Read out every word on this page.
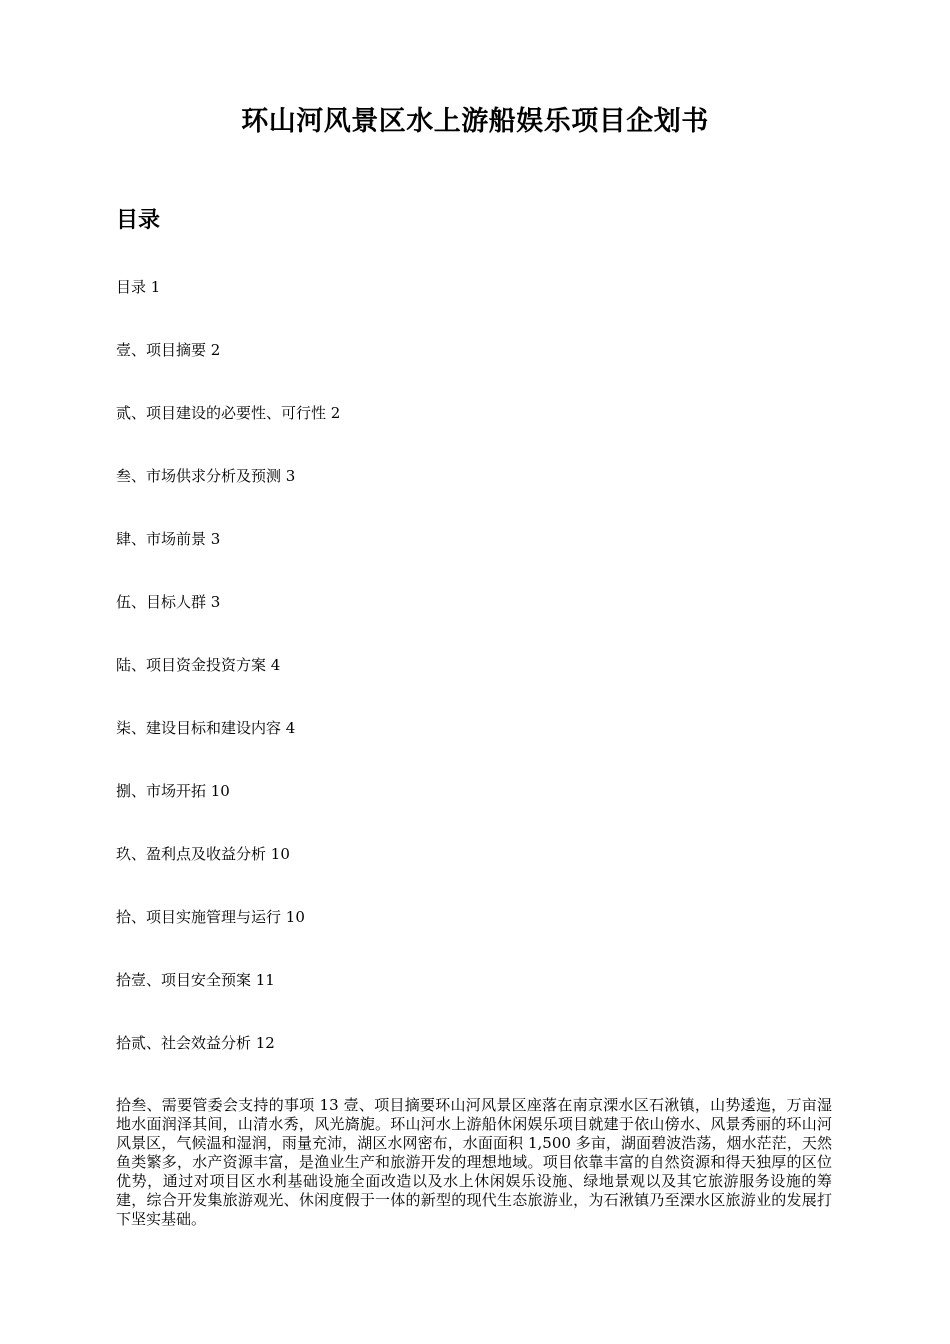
环山河风景区水上游船娱乐项目企划书
目录
目录 1
壹、项目摘要 2
贰、项目建设的必要性、可行性 2
叁、市场供求分析及预测 3
肆、市场前景 3
伍、目标人群 3
陆、项目资金投资方案 4
柒、建设目标和建设内容 4
捌、市场开拓 10
玖、盈利点及收益分析 10
拾、项目实施管理与运行 10
拾壹、项目安全预案 11
拾贰、社会效益分析 12

拾叁、需要管委会支持的事项 13 壹、项目摘要环山河风景区座落在南京溧水区石湫镇，山势逶迤，万亩湿地水面润泽其间，山清水秀，风光旖旎。环山河水上游船休闲娱乐项目就建于依山傍水、风景秀丽的环山河风景区，气候温和湿润，雨量充沛，湖区水网密布，水面面积 1,500 多亩，湖面碧波浩荡，烟水茫茫，天然鱼类繁多，水产资源丰富，是渔业生产和旅游开发的理想地域。项目依靠丰富的自然资源和得天独厚的区位优势，通过对项目区水利基础设施全面改造以及水上休闲娱乐设施、绿地景观以及其它旅游服务设施的筹建，综合开发集旅游观光、休闲度假于一体的新型的现代生态旅游业，为石湫镇乃至溧水区旅游业的发展打下坚实基础。
